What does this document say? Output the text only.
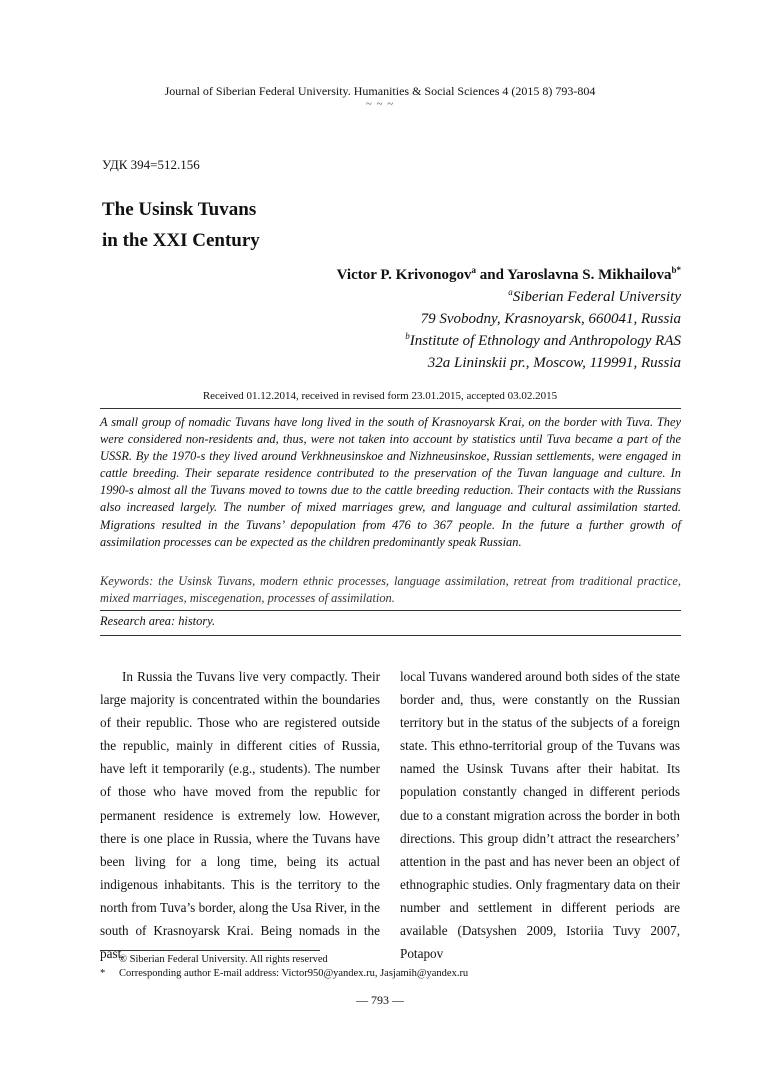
Journal of Siberian Federal University. Humanities & Social Sciences 4 (2015 8) 793-804
~ ~ ~
УДК 394=512.156
The Usinsk Tuvans
in the XXI Century
Victor P. Krivonogov$^a$ and Yaroslavna S. Mikhailova$^{b*}$
$^a$Siberian Federal University
79 Svobodny, Krasnoyarsk, 660041, Russia
$^b$Institute of Ethnology and Anthropology RAS
32a Lininskii pr., Moscow, 119991, Russia
Received 01.12.2014, received in revised form 23.01.2015, accepted 03.02.2015

A small group of nomadic Tuvans have long lived in the south of Krasnoyarsk Krai, on the border with Tuva. They were considered non-residents and, thus, were not taken into account by statistics until Tuva became a part of the USSR. By the 1970-s they lived around Verkhneusinskoe and Nizhneusinskoe, Russian settlements, were engaged in cattle breeding. Their separate residence contributed to the preservation of the Tuvan language and culture. In 1990-s almost all the Tuvans moved to towns due to the cattle breeding reduction. Their contacts with the Russians also increased largely. The number of mixed marriages grew, and language and cultural assimilation started. Migrations resulted in the Tuvans’ depopulation from 476 to 367 people. In the future a further growth of assimilation processes can be expected as the children predominantly speak Russian.

Keywords: the Usinsk Tuvans, modern ethnic processes, language assimilation, retreat from traditional practice, mixed marriages, miscegenation, processes of assimilation.

Research area: history.

In Russia the Tuvans live very compactly. Their large majority is concentrated within the boundaries of their republic. Those who are registered outside the republic, mainly in different cities of Russia, have left it temporarily (e.g., students). The number of those who have moved from the republic for permanent residence is extremely low. However, there is one place in Russia, where the Tuvans have been living for a long time, being its actual indigenous inhabitants. This is the territory to the north from Tuva’s border, along the Usa River, in the south of Krasnoyarsk Krai. Being nomads in the past,

local Tuvans wandered around both sides of the state border and, thus, were constantly on the Russian territory but in the status of the subjects of a foreign state. This ethno-territorial group of the Tuvans was named the Usinsk Tuvans after their habitat. Its population constantly changed in different periods due to a constant migration across the border in both directions. This group didn’t attract the researchers’ attention in the past and has never been an object of ethnographic studies. Only fragmentary data on their number and settlement in different periods are available (Datsyshen 2009, Istoriia Tuvy 2007, Potapov

© Siberian Federal University. All rights reserved
*	Corresponding author E-mail address: Victor950@yandex.ru, Jasjamih@yandex.ru
— 793 —
